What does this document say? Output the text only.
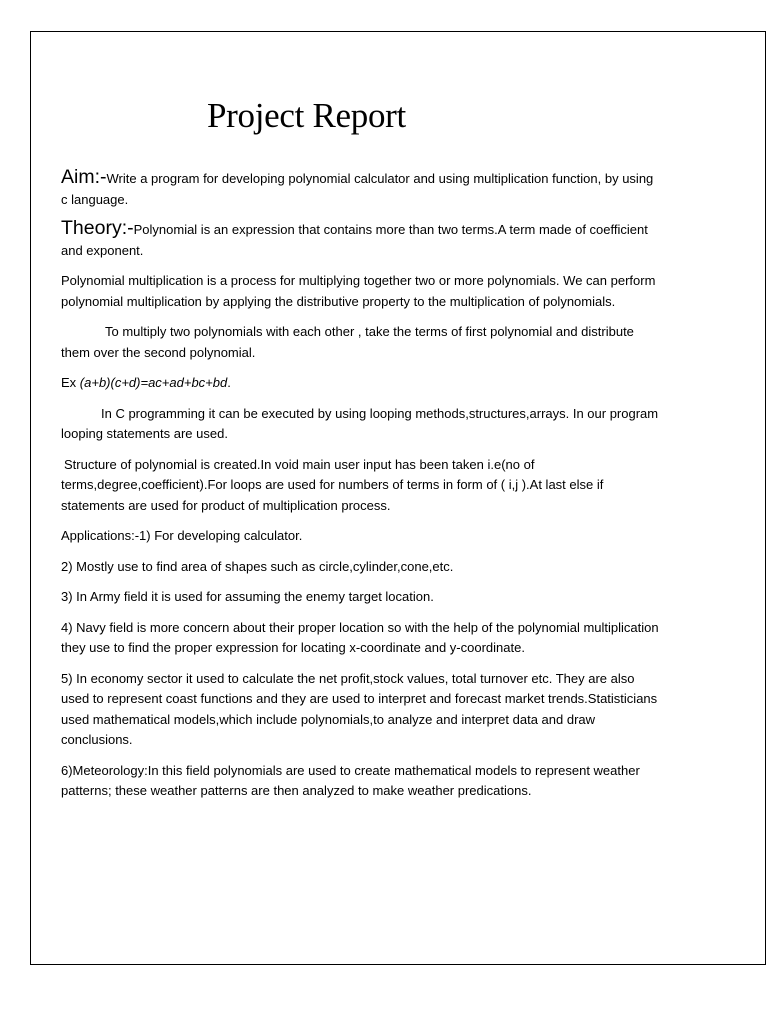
Project Report

Aim:-Write a program for developing polynomial calculator and using multiplication function, by using c language.

Theory:-Polynomial is an expression that contains more than two terms.A term made of coefficient and exponent.

Polynomial multiplication is a process for multiplying together two or more polynomials. We can perform polynomial multiplication by applying the distributive property to the multiplication of polynomials.

To multiply two polynomials with each other , take the terms of first polynomial and distribute them over the second polynomial.

Ex (a+b)(c+d)=ac+ad+bc+bd.

In C programming it can be executed by using looping methods,structures,arrays. In our program looping statements are used.

Structure of polynomial is created.In void main user input has been taken i.e(no of terms,degree,coefficient).For loops are used for numbers of terms in form of ( i,j ).At last else if statements are used for product of multiplication process.

Applications:-1) For developing calculator.

2) Mostly use to find area of shapes such as circle,cylinder,cone,etc.

3) In Army field it is used for assuming the enemy target location.

4) Navy field is more concern about their proper location so with the help of the polynomial multiplication they use to find the proper expression for locating x-coordinate and y-coordinate.

5) In economy sector it used to calculate the net profit,stock values, total turnover etc. They are also used to represent coast functions and they are used to interpret and forecast market trends.Statisticians used mathematical models,which include polynomials,to analyze and interpret data and draw conclusions.

6)Meteorology:In this field polynomials are used to create mathematical models to represent weather patterns; these weather patterns are then analyzed to make weather predications.
